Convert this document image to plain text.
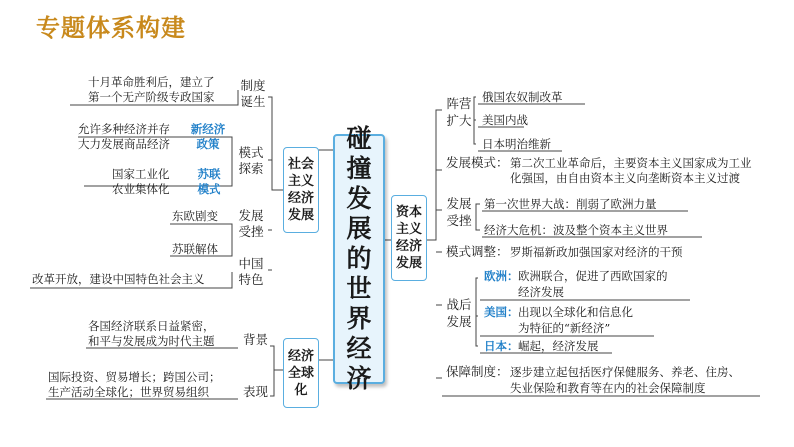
专题体系构建
碰撞发展的世界经济
社会主义经济发展
经济全球化
资本主义经济发展
制度诞生
十月革命胜利后，建立了
第一个无产阶级专政国家
模式探索
允许多种经济并存
大力发展商品经济
新经济
政策
国家工业化
农业集体化
苏联
模式
发展受挫
东欧剧变
苏联解体
中国特色
改革开放，建设中国特色社会主义
背景
各国经济联系日益紧密，
和平与发展成为时代主题
表现
国际投资、贸易增长；跨国公司；
生产活动全球化；世界贸易组织
阵营扩大
俄国农奴制改革
美国内战
日本明治维新
发展模式： 第二次工业革命后，主要资本主义国家成为工业
化强国，由自由资本主义向垄断资本主义过渡
发展受挫
第一次世界大战：削弱了欧洲力量
经济大危机：波及整个资本主义世界
模式调整： 罗斯福新政加强国家对经济的干预
战后发展
欧洲： 欧洲联合，促进了西欧国家的
经济发展
美国： 出现以全球化和信息化
为特征的“新经济”
日本： 崛起，经济发展
保障制度： 逐步建立起包括医疗保健服务、养老、住房、
失业保险和教育等在内的社会保障制度
